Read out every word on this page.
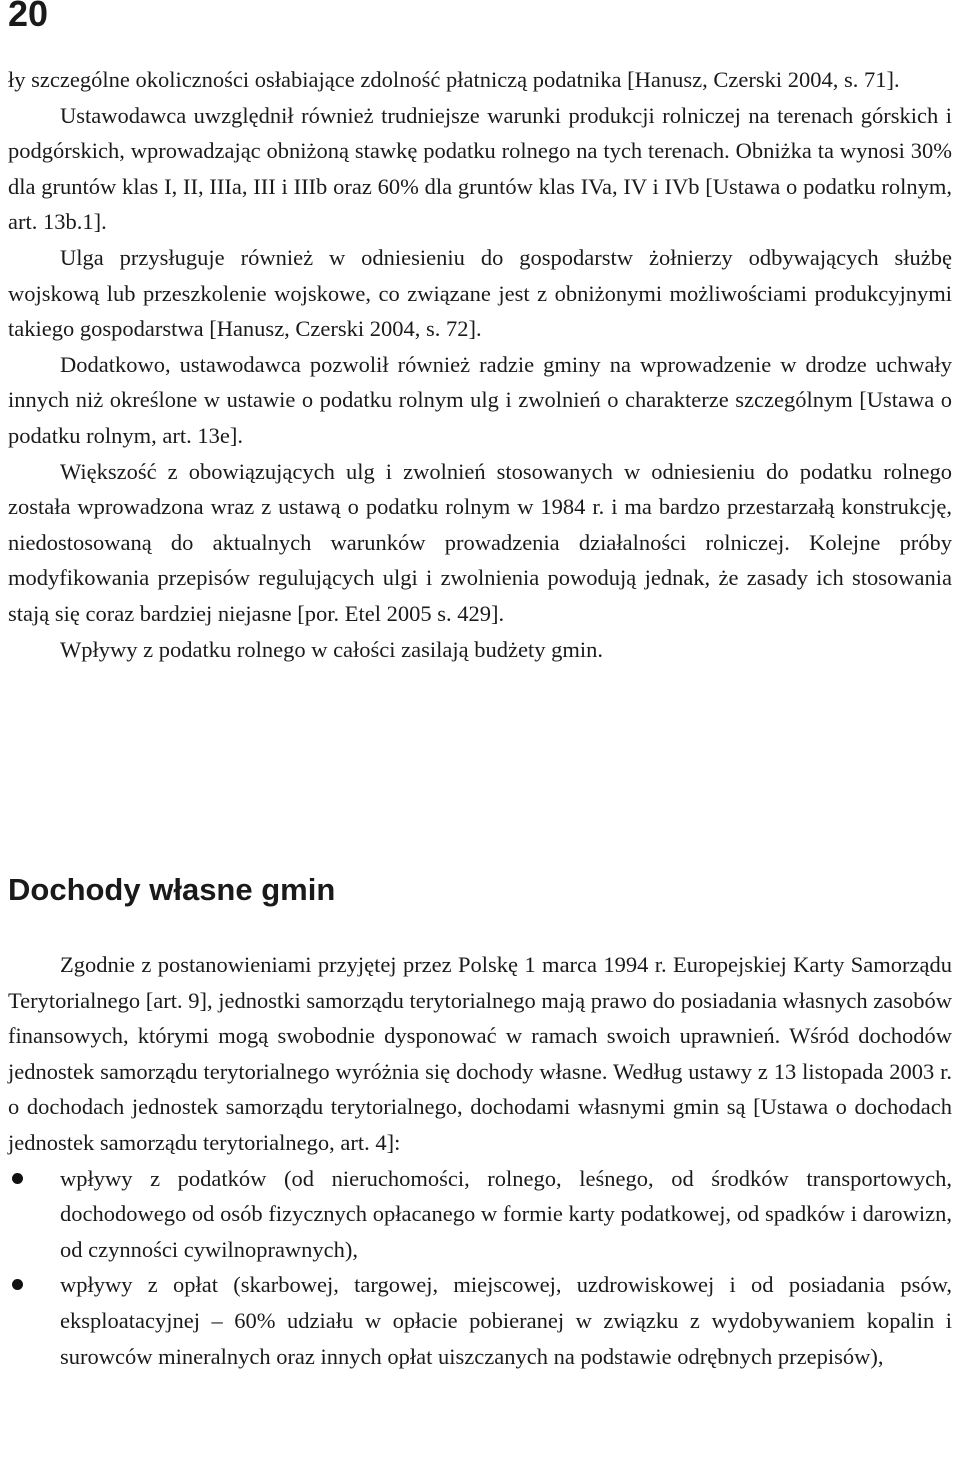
20

ły szczególne okoliczności osłabiające zdolność płatniczą podatnika [Hanusz, Czerski 2004, s. 71].

Ustawodawca uwzględnił również trudniejsze warunki produkcji rolniczej na terenach górskich i podgórskich, wprowadzając obniżoną stawkę podatku rolnego na tych terenach. Obniżka ta wynosi 30% dla gruntów klas I, II, IIIa, III i IIIb oraz 60% dla gruntów klas IVa, IV i IVb [Ustawa o podatku rolnym, art. 13b.1].

Ulga przysługuje również w odniesieniu do gospodarstw żołnierzy odbywających służbę wojskową lub przeszkolenie wojskowe, co związane jest z obniżonymi możliwościami produkcyjnymi takiego gospodarstwa [Hanusz, Czerski 2004, s. 72].

Dodatkowo, ustawodawca pozwolił również radzie gminy na wprowadzenie w drodze uchwały innych niż określone w ustawie o podatku rolnym ulg i zwolnień o charakterze szczególnym [Ustawa o podatku rolnym, art. 13e].

Większość z obowiązujących ulg i zwolnień stosowanych w odniesieniu do podatku rolnego została wprowadzona wraz z ustawą o podatku rolnym w 1984 r. i ma bardzo przestarzałą konstrukcję, niedostosowaną do aktualnych warunków prowadzenia działalności rolniczej. Kolejne próby modyfikowania przepisów regulujących ulgi i zwolnienia powodują jednak, że zasady ich stosowania stają się coraz bardziej niejasne [por. Etel 2005 s. 429].

Wpływy z podatku rolnego w całości zasilają budżety gmin.

Dochody własne gmin

Zgodnie z postanowieniami przyjętej przez Polskę 1 marca 1994 r. Europejskiej Karty Samorządu Terytorialnego [art. 9], jednostki samorządu terytorialnego mają prawo do posiadania własnych zasobów finansowych, którymi mogą swobodnie dysponować w ramach swoich uprawnień. Wśród dochodów jednostek samorządu terytorialnego wyróżnia się dochody własne. Według ustawy z 13 listopada 2003 r. o dochodach jednostek samorządu terytorialnego, dochodami własnymi gmin są [Ustawa o dochodach jednostek samorządu terytorialnego, art. 4]:

wpływy z podatków (od nieruchomości, rolnego, leśnego, od środków transportowych, dochodowego od osób fizycznych opłacanego w formie karty podatkowej, od spadków i darowizn, od czynności cywilnoprawnych),
wpływy z opłat (skarbowej, targowej, miejscowej, uzdrowiskowej i od posiadania psów, eksploatacyjnej – 60% udziału w opłacie pobieranej w związku z wydobywaniem kopalin i surowców mineralnych oraz innych opłat uiszczanych na podstawie odrębnych przepisów),
